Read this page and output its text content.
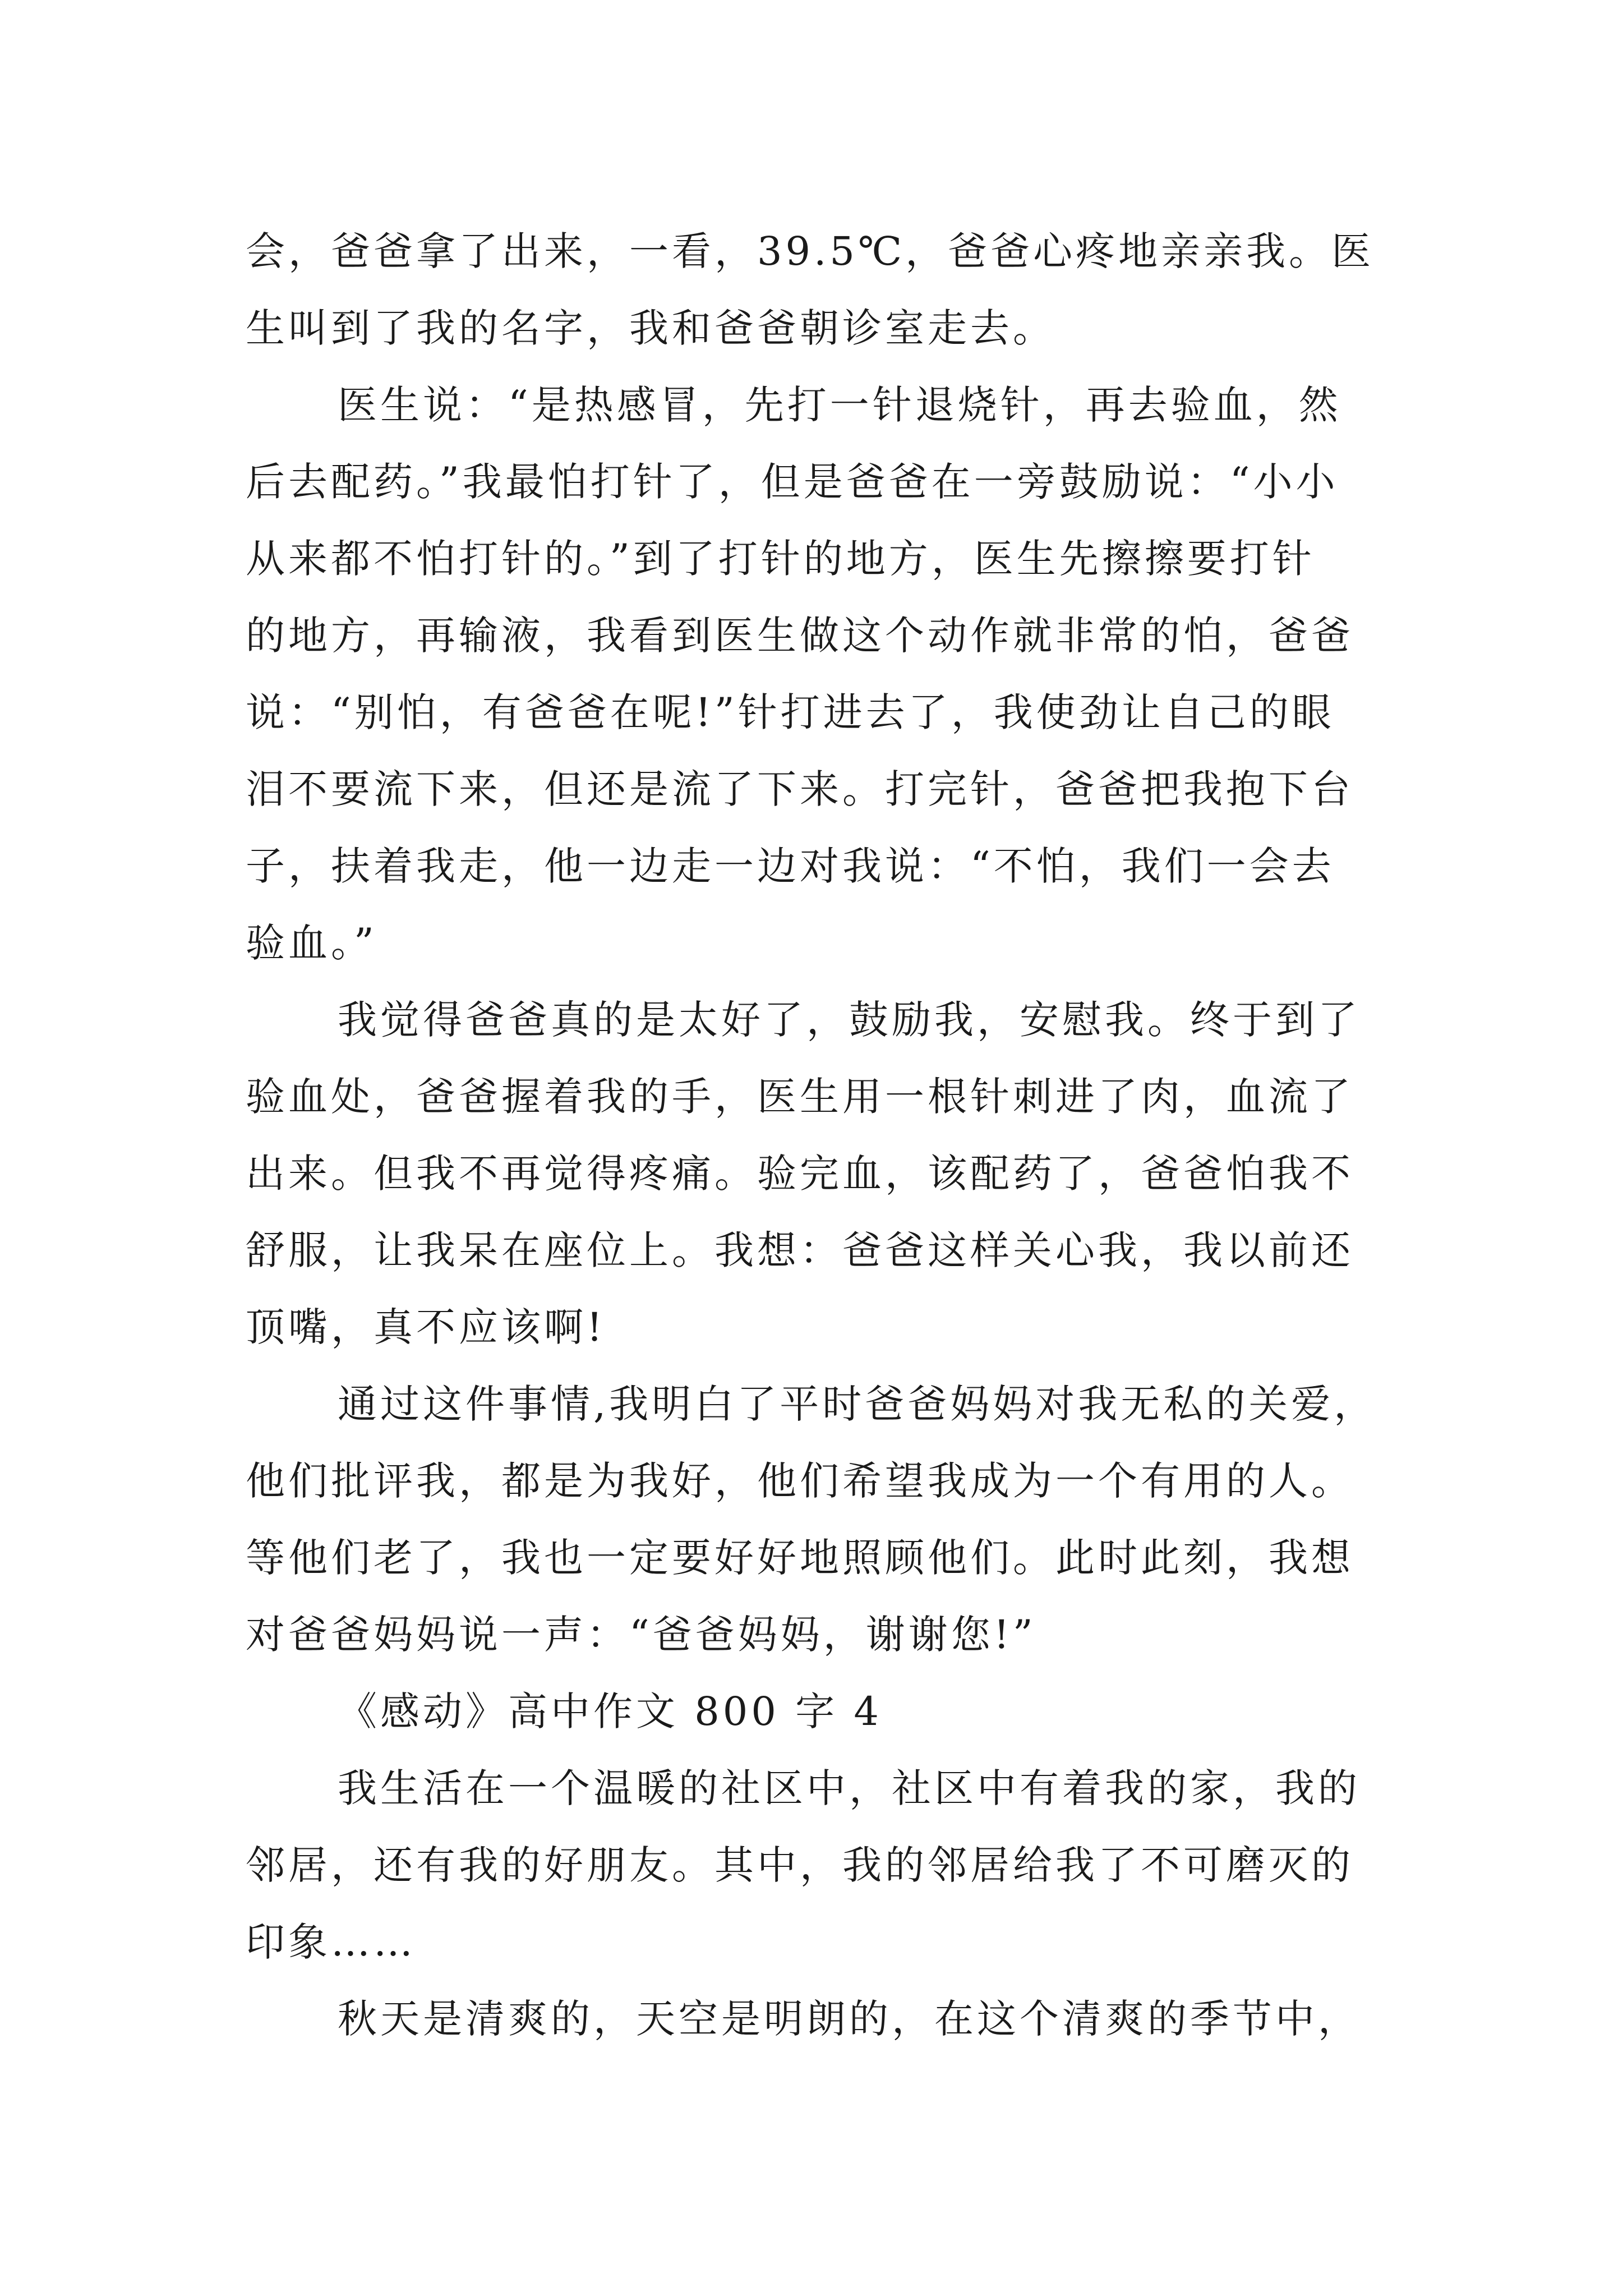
会，爸爸拿了出来，一看，39.5℃，爸爸心疼地亲亲我。医
生叫到了我的名字，我和爸爸朝诊室走去。
医生说：“是热感冒，先打一针退烧针，再去验血，然
后去配药。”我最怕打针了，但是爸爸在一旁鼓励说：“小小
从来都不怕打针的。”到了打针的地方，医生先擦擦要打针
的地方，再输液，我看到医生做这个动作就非常的怕，爸爸
说：“别怕，有爸爸在呢!”针打进去了，我使劲让自己的眼
泪不要流下来，但还是流了下来。打完针，爸爸把我抱下台
子，扶着我走，他一边走一边对我说：“不怕，我们一会去
验血。”
我觉得爸爸真的是太好了，鼓励我，安慰我。终于到了
验血处，爸爸握着我的手，医生用一根针刺进了肉，血流了
出来。但我不再觉得疼痛。验完血，该配药了，爸爸怕我不
舒服，让我呆在座位上。我想：爸爸这样关心我，我以前还
顶嘴，真不应该啊!
通过这件事情,我明白了平时爸爸妈妈对我无私的关爱，
他们批评我，都是为我好，他们希望我成为一个有用的人。
等他们老了，我也一定要好好地照顾他们。此时此刻，我想
对爸爸妈妈说一声：“爸爸妈妈，谢谢您!”
《感动》高中作文 800 字 4
我生活在一个温暖的社区中，社区中有着我的家，我的
邻居，还有我的好朋友。其中，我的邻居给我了不可磨灭的
印象……
秋天是清爽的，天空是明朗的，在这个清爽的季节中，
